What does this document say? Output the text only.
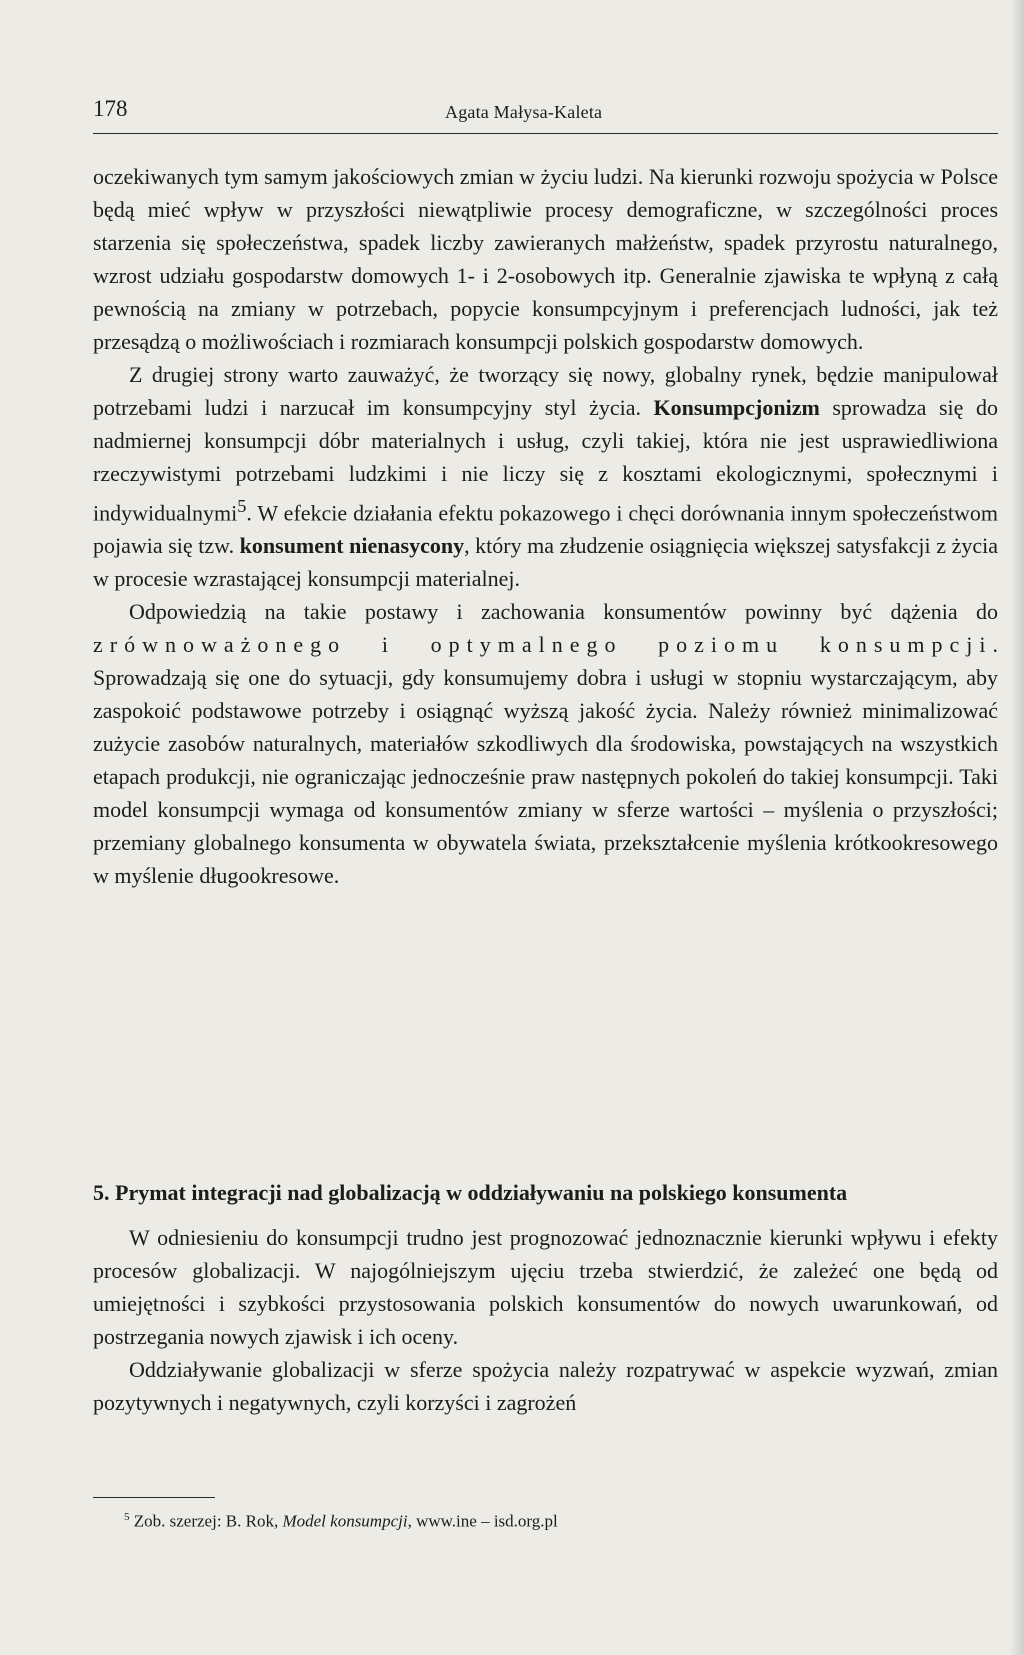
178	Agata Małysa-Kaleta

oczekiwanych tym samym jakościowych zmian w życiu ludzi. Na kierunki rozwoju spożycia w Polsce będą mieć wpływ w przyszłości niewątpliwie procesy demograficzne, w szczególności proces starzenia się społeczeństwa, spadek liczby zawieranych małżeństw, spadek przyrostu naturalnego, wzrost udziału gospodarstw domowych 1- i 2-osobowych itp. Generalnie zjawiska te wpłyną z całą pewnością na zmiany w potrzebach, popycie konsumpcyjnym i preferencjach ludności, jak też przesądzą o możliwościach i rozmiarach konsumpcji polskich gospodarstw domowych.

Z drugiej strony warto zauważyć, że tworzący się nowy, globalny rynek, będzie manipulował potrzebami ludzi i narzucał im konsumpcyjny styl życia. Konsumpcjonizm sprowadza się do nadmiernej konsumpcji dóbr materialnych i usług, czyli takiej, która nie jest usprawiedliwiona rzeczywistymi potrzebami ludzkimi i nie liczy się z kosztami ekologicznymi, społecznymi i indywidualnymi$^5$. W efekcie działania efektu pokazowego i chęci dorównania innym społeczeństwom pojawia się tzw. konsument nienasycony, który ma złudzenie osiągnięcia większej satysfakcji z życia w procesie wzrastającej konsumpcji materialnej.

Odpowiedzią na takie postawy i zachowania konsumentów powinny być dążenia do zrównoważonego i optymalnego poziomu konsumpcji. Sprowadzają się one do sytuacji, gdy konsumujemy dobra i usługi w stopniu wystarczającym, aby zaspokoić podstawowe potrzeby i osiągnąć wyższą jakość życia. Należy również minimalizować zużycie zasobów naturalnych, materiałów szkodliwych dla środowiska, powstających na wszystkich etapach produkcji, nie ograniczając jednocześnie praw następnych pokoleń do takiej konsumpcji. Taki model konsumpcji wymaga od konsumentów zmiany w sferze wartości – myślenia o przyszłości; przemiany globalnego konsumenta w obywatela świata, przekształcenie myślenia krótkookresowego w myślenie długookresowe.

5. Prymat integracji nad globalizacją w oddziaływaniu na polskiego konsumenta

W odniesieniu do konsumpcji trudno jest prognozować jednoznacznie kierunki wpływu i efekty procesów globalizacji. W najogólniejszym ujęciu trzeba stwierdzić, że zależeć one będą od umiejętności i szybkości przystosowania polskich konsumentów do nowych uwarunkowań, od postrzegania nowych zjawisk i ich oceny.

Oddziaływanie globalizacji w sferze spożycia należy rozpatrywać w aspekcie wyzwań, zmian pozytywnych i negatywnych, czyli korzyści i zagrożeń

$^5$ Zob. szerzej: B. Rok, Model konsumpcji, www.ine – isd.org.pl
